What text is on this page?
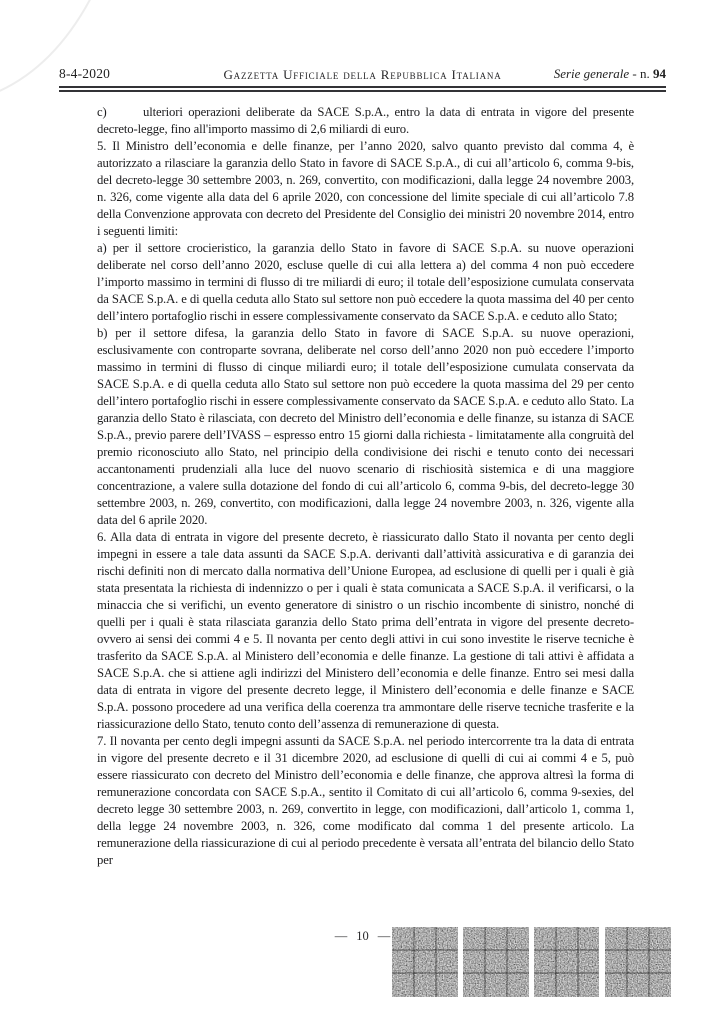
8-4-2020	Gazzetta Ufficiale della Repubblica Italiana	Serie generale - n. 94

c)	ulteriori operazioni deliberate da SACE S.p.A., entro la data di entrata in vigore del presente decreto-legge, fino all'importo massimo di 2,6 miliardi di euro.

5. Il Ministro dell’economia e delle finanze, per l’anno 2020, salvo quanto previsto dal comma 4, è autorizzato a rilasciare la garanzia dello Stato in favore di SACE S.p.A., di cui all’articolo 6, comma 9-bis, del decreto-legge 30 settembre 2003, n. 269, convertito, con modificazioni, dalla legge 24 novembre 2003, n. 326, come vigente alla data del 6 aprile 2020, con concessione del limite speciale di cui all’articolo 7.8 della Convenzione approvata con decreto del Presidente del Consiglio dei ministri 20 novembre 2014, entro i seguenti limiti:

a) per il settore crocieristico, la garanzia dello Stato in favore di SACE S.p.A. su nuove operazioni deliberate nel corso dell’anno 2020, escluse quelle di cui alla lettera a) del comma 4 non può eccedere l’importo massimo in termini di flusso di tre miliardi di euro; il totale dell’esposizione cumulata conservata da SACE S.p.A. e di quella ceduta allo Stato sul settore non può eccedere la quota massima del 40 per cento dell’intero portafoglio rischi in essere complessivamente conservato da SACE S.p.A. e ceduto allo Stato;

b) per il settore difesa, la garanzia dello Stato in favore di SACE S.p.A. su nuove operazioni, esclusivamente con controparte sovrana, deliberate nel corso dell’anno 2020 non può eccedere l’importo massimo in termini di flusso di cinque miliardi euro; il totale dell’esposizione cumulata conservata da SACE S.p.A. e di quella ceduta allo Stato sul settore non può eccedere la quota massima del 29 per cento dell’intero portafoglio rischi in essere complessivamente conservato da SACE S.p.A. e ceduto allo Stato. La garanzia dello Stato è rilasciata, con decreto del Ministro dell’economia e delle finanze, su istanza di SACE S.p.A., previo parere dell’IVASS – espresso entro 15 giorni dalla richiesta - limitatamente alla congruità del premio riconosciuto allo Stato, nel principio della condivisione dei rischi e tenuto conto dei necessari accantonamenti prudenziali alla luce del nuovo scenario di rischiosità sistemica e di una maggiore concentrazione, a valere sulla dotazione del fondo di cui all’articolo 6, comma 9-bis, del decreto-legge 30 settembre 2003, n. 269, convertito, con modificazioni, dalla legge 24 novembre 2003, n. 326, vigente alla data del 6 aprile 2020.

6. Alla data di entrata in vigore del presente decreto, è riassicurato dallo Stato il novanta per cento degli impegni in essere a tale data assunti da SACE S.p.A. derivanti dall’attività assicurativa e di garanzia dei rischi definiti non di mercato dalla normativa dell’Unione Europea, ad esclusione di quelli per i quali è già stata presentata la richiesta di indennizzo o per i quali è stata comunicata a SACE S.p.A. il verificarsi, o la minaccia che si verifichi, un evento generatore di sinistro o un rischio incombente di sinistro, nonché di quelli per i quali è stata rilasciata garanzia dello Stato prima dell’entrata in vigore del presente decreto- ovvero ai sensi dei commi 4 e 5. Il novanta per cento degli attivi in cui sono investite le riserve tecniche è trasferito da SACE S.p.A. al Ministero dell’economia e delle finanze. La gestione di tali attivi è affidata a SACE S.p.A. che si attiene agli indirizzi del Ministero dell’economia e delle finanze. Entro sei mesi dalla data di entrata in vigore del presente decreto legge, il Ministero dell’economia e delle finanze e SACE S.p.A. possono procedere ad una verifica della coerenza tra ammontare delle riserve tecniche trasferite e la riassicurazione dello Stato, tenuto conto dell’assenza di remunerazione di questa.

7. Il novanta per cento degli impegni assunti da SACE S.p.A. nel periodo intercorrente tra la data di entrata in vigore del presente decreto e il 31 dicembre 2020, ad esclusione di quelli di cui ai commi 4 e 5, può essere riassicurato con decreto del Ministro dell’economia e delle finanze, che approva altresì la forma di remunerazione concordata con SACE S.p.A., sentito il Comitato di cui all’articolo 6, comma 9-sexies, del decreto legge 30 settembre 2003, n. 269, convertito in legge, con modificazioni, dall’articolo 1, comma 1, della legge 24 novembre 2003, n. 326, come modificato dal comma 1 del presente articolo. La remunerazione della riassicurazione di cui al periodo precedente è versata all’entrata del bilancio dello Stato per

— 10 —
